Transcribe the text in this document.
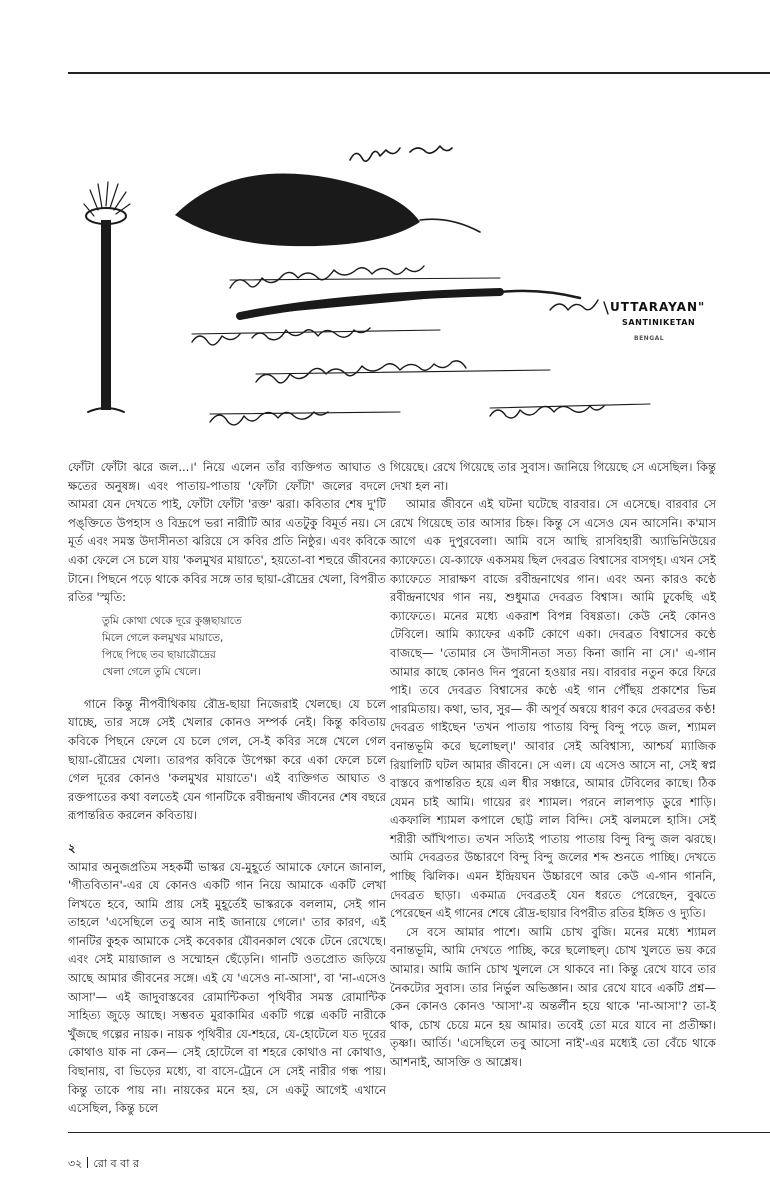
UTTARAYAN"
SANTINIKETAN
BENGAL

ফোঁটা ফোঁটা ঝরে জল...।' নিয়ে এলেন তাঁর ব্যক্তিগত আঘাত ও ক্ষতের অনুষঙ্গ। এবং পাতায়-পাতায় 'ফোঁটা ফোঁটা' জলের বদলে আমরা যেন দেখতে পাই, ফোঁটা ফোঁটা 'রক্ত' ঝরা। কবিতার শেষ দু'টি পঙ্‌ক্তিতে উপহাস ও বিদ্রূপে ভরা নারীটি আর এতটুকু বিমূর্ত নয়। সে মূর্ত এবং সমস্ত উদাসীনতা ঝরিয়ে সে কবির প্রতি নিষ্ঠুর। এবং কবিকে একা ফেলে সে চলে যায় 'কলমুখর মায়াতে', হয়তো-বা শহুরে জীবনের টানে। পিছনে পড়ে থাকে কবির সঙ্গে তার ছায়া-রৌদ্রের খেলা, বিপরীত রতির 'স্মৃতি:

তুমি কোথা থেকে দূরে কুঞ্জছায়াতে
মিলে গেলে কলমুখর মায়াতে,
পিছে পিছে তব ছায়ারৌদ্রের
খেলা গেলে তুমি খেলে।

গানে কিন্তু নীপবীথিকায় রৌদ্র-ছায়া নিজেরাই খেলছে। যে চলে যাচ্ছে, তার সঙ্গে সেই খেলার কোনও সম্পর্ক নেই। কিন্তু কবিতায় কবিকে পিছনে ফেলে যে চলে গেল, সে-ই কবির সঙ্গে খেলে গেল ছায়া-রৌদ্রের খেলা। তারপর কবিকে উপেক্ষা করে একা ফেলে চলে গেল দূরের কোনও 'কলমুখর মায়াতে'। এই ব্যক্তিগত আঘাত ও রক্তপাতের কথা বলতেই যেন গানটিকে রবীন্দ্রনাথ জীবনের শেষ বছরে রূপান্তরিত করলেন কবিতায়।

২

আমার অনুজপ্রতিম সহকর্মী ভাস্কর যে-মুহূর্তে আমাকে ফোনে জানাল, 'গীতবিতান'-এর যে কোনও একটি গান নিয়ে আমাকে একটি লেখা লিখতে হবে, আমি প্রায় সেই মুহূর্তেই ভাস্করকে বললাম, সেই গান তাহলে 'এসেছিলে তবু আস নাই জানায়ে গেলে।' তার কারণ, এই গানটির কুহক আমাকে সেই কবেকার যৌবনকাল থেকে টেনে রেখেছে। এবং সেই মায়াজাল ও সম্মোহন ছেঁড়েনি। গানটি ওতপ্রোত জড়িয়ে আছে আমার জীবনের সঙ্গে। এই যে 'এসেও না-আসা', বা 'না-এসেও আসা'— এই জাদুবাস্তবের রোমান্টিকতা পৃথিবীর সমস্ত রোমান্টিক সাহিত্য জুড়ে আছে। সম্ভবত মুরাকামির একটি গল্পে একটি নারীকে খুঁজছে গল্পের নায়ক। নায়ক পৃথিবীর যে-শহরে, যে-হোটেলে যত দূরের কোথাও যাক না কেন— সেই হোটেলে বা শহরে কোথাও না কোথাও, বিছানায়, বা ভিড়ের মধ্যে, বা বাসে-ট্রেনে সে সেই নারীর গন্ধ পায়। কিন্তু তাকে পায় না। নায়কের মনে হয়, সে একটু আগেই এখানে এসেছিল, কিন্তু চলে

গিয়েছে। রেখে গিয়েছে তার সুবাস। জানিয়ে গিয়েছে সে এসেছিল। কিন্তু দেখা হল না।

আমার জীবনে এই ঘটনা ঘটেছে বারবার। সে এসেছে। বারবার সে রেখে গিয়েছে তার আসার চিহ্ন। কিন্তু সে এসেও যেন আসেনি। ক'মাস আগে এক দুপুরবেলা। আমি বসে আছি রাসবিহারী অ্যাভিনিউয়ের ক্যাফেতে। যে-ক্যাফে একসময় ছিল দেবব্রত বিশ্বাসের বাসগৃহ। এখন সেই ক্যাফেতে সারাক্ষণ বাজে রবীন্দ্রনাথের গান। এবং অন্য কারও কণ্ঠে রবীন্দ্রনাথের গান নয়, শুধুমাত্র দেবব্রত বিশ্বাস। আমি ঢুকেছি এই ক্যাফেতে। মনের মধ্যে একরাশ বিপন্ন বিষণ্ণতা। কেউ নেই কোনও টেবিলে। আমি ক্যাফের একটি কোণে একা। দেবব্রত বিশ্বাসের কণ্ঠে বাজছে— 'তোমার সে উদাসীনতা সত্য কিনা জানি না সে।' এ-গান আমার কাছে কোনও দিন পুরনো হওয়ার নয়। বারবার নতুন করে ফিরে পাই। তবে দেবব্রত বিশ্বাসের কণ্ঠে এই গান পৌঁছয় প্রকাশের ভিন্ন পারমিতায়। কথা, ভাব, সুর— কী অপূর্ব অন্বয়ে ধারণ করে দেবব্রতর কণ্ঠ! দেবব্রত গাইছেন 'তখন পাতায় পাতায় বিন্দু বিন্দু পড়ে জল, শ্যামল বনান্তভূমি করে ছলোছল্‌।' আবার সেই অবিশ্বাস্য, আশ্চর্য ম্যাজিক রিয়ালিটি ঘটল আমার জীবনে। সে এল। যে এসেও আসে না, সেই স্বপ্ন বাস্তবে রূপান্তরিত হয়ে এল ধীর সঞ্চারে, আমার টেবিলের কাছে। ঠিক যেমন চাই আমি। গায়ের রং শ্যামল। পরনে লালপাড় ডুরে শাড়ি। একফালি শ্যামল কপালে ছোট্ট লাল বিন্দি। সেই ঝলমলে হাসি। সেই শরীরী আঁখিপাত। তখন সত্যিই পাতায় পাতায় বিন্দু বিন্দু জল ঝরছে। আমি দেবব্রতর উচ্চারণে বিন্দু বিন্দু জলের শব্দ শুনতে পাচ্ছি। দেখতে পাচ্ছি ঝিলিক। এমন ইন্দ্রিয়ঘন উচ্চারণে আর কেউ এ-গান গাননি, দেবব্রত ছাড়া। একমাত্র দেবব্রতই যেন ধরতে পেরেছেন, বুঝতে পেরেছেন এই গানের শেষে রৌদ্র-ছায়ার বিপরীত রতির ইঙ্গিত ও দ্যুতি।

সে বসে আমার পাশে। আমি চোখ বুজি। মনের মধ্যে শ্যামল বনান্তভূমি, আমি দেখতে পাচ্ছি, করে ছলোছল্‌। চোখ খুলতে ভয় করে আমার। আমি জানি চোখ খুললে সে থাকবে না। কিন্তু রেখে যাবে তার নৈকট্যের সুবাস। তার নির্ভুল অভিজ্ঞান। আর রেখে যাবে একটি প্রশ্ন— কেন কোনও কোনও 'আসা'-য় অন্তর্লীন হয়ে থাকে 'না-আসা'? তা-ই থাক, চোখ চেয়ে মনে হয় আমার। তবেই তো মরে যাবে না প্রতীক্ষা। তৃষ্ণা। আর্তি। 'এসেছিলে তবু আসো নাই'-এর মধ্যেই তো বেঁচে থাকে আশনাই, আসক্তি ও আশ্লেষ।

৩২ রো ব বা র
